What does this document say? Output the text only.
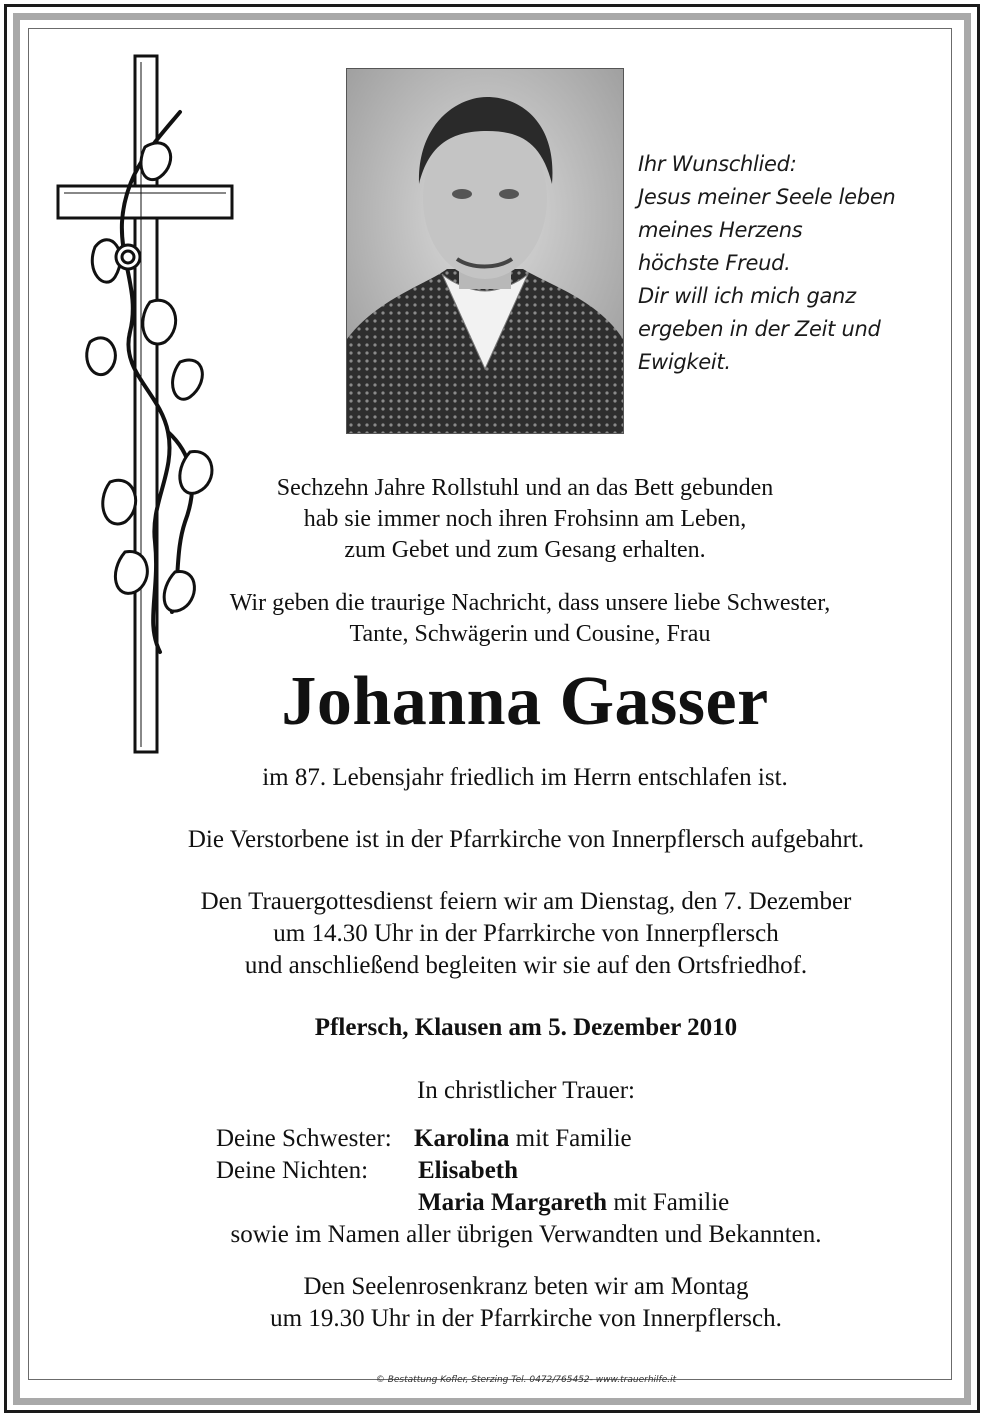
Ihr Wunschlied:
Jesus meiner Seele leben
meines Herzens
höchste Freud.
Dir will ich mich ganz
ergeben in der Zeit und
Ewigkeit.
Sechzehn Jahre Rollstuhl und an das Bett gebunden
hab sie immer noch ihren Frohsinn am Leben,
zum Gebet und zum Gesang erhalten.
Wir geben die traurige Nachricht, dass unsere liebe Schwester,
Tante, Schwägerin und Cousine, Frau
Johanna Gasser
im 87. Lebensjahr friedlich im Herrn entschlafen ist.
Die Verstorbene ist in der Pfarrkirche von Innerpflersch aufgebahrt.
Den Trauergottesdienst feiern wir am Dienstag, den 7. Dezember
um 14.30 Uhr in der Pfarrkirche von Innerpflersch
und anschließend begleiten wir sie auf den Ortsfriedhof.
Pflersch, Klausen am 5. Dezember 2010
In christlicher Trauer:
Deine Schwester: Karolina mit Familie
Deine Nichten: Elisabeth
Maria Margareth mit Familie
sowie im Namen aller übrigen Verwandten und Bekannten.
Den Seelenrosenkranz beten wir am Montag
um 19.30 Uhr in der Pfarrkirche von Innerpflersch.
© Bestattung Kofler, Sterzing Tel. 0472/765452- www.trauerhilfe.it
